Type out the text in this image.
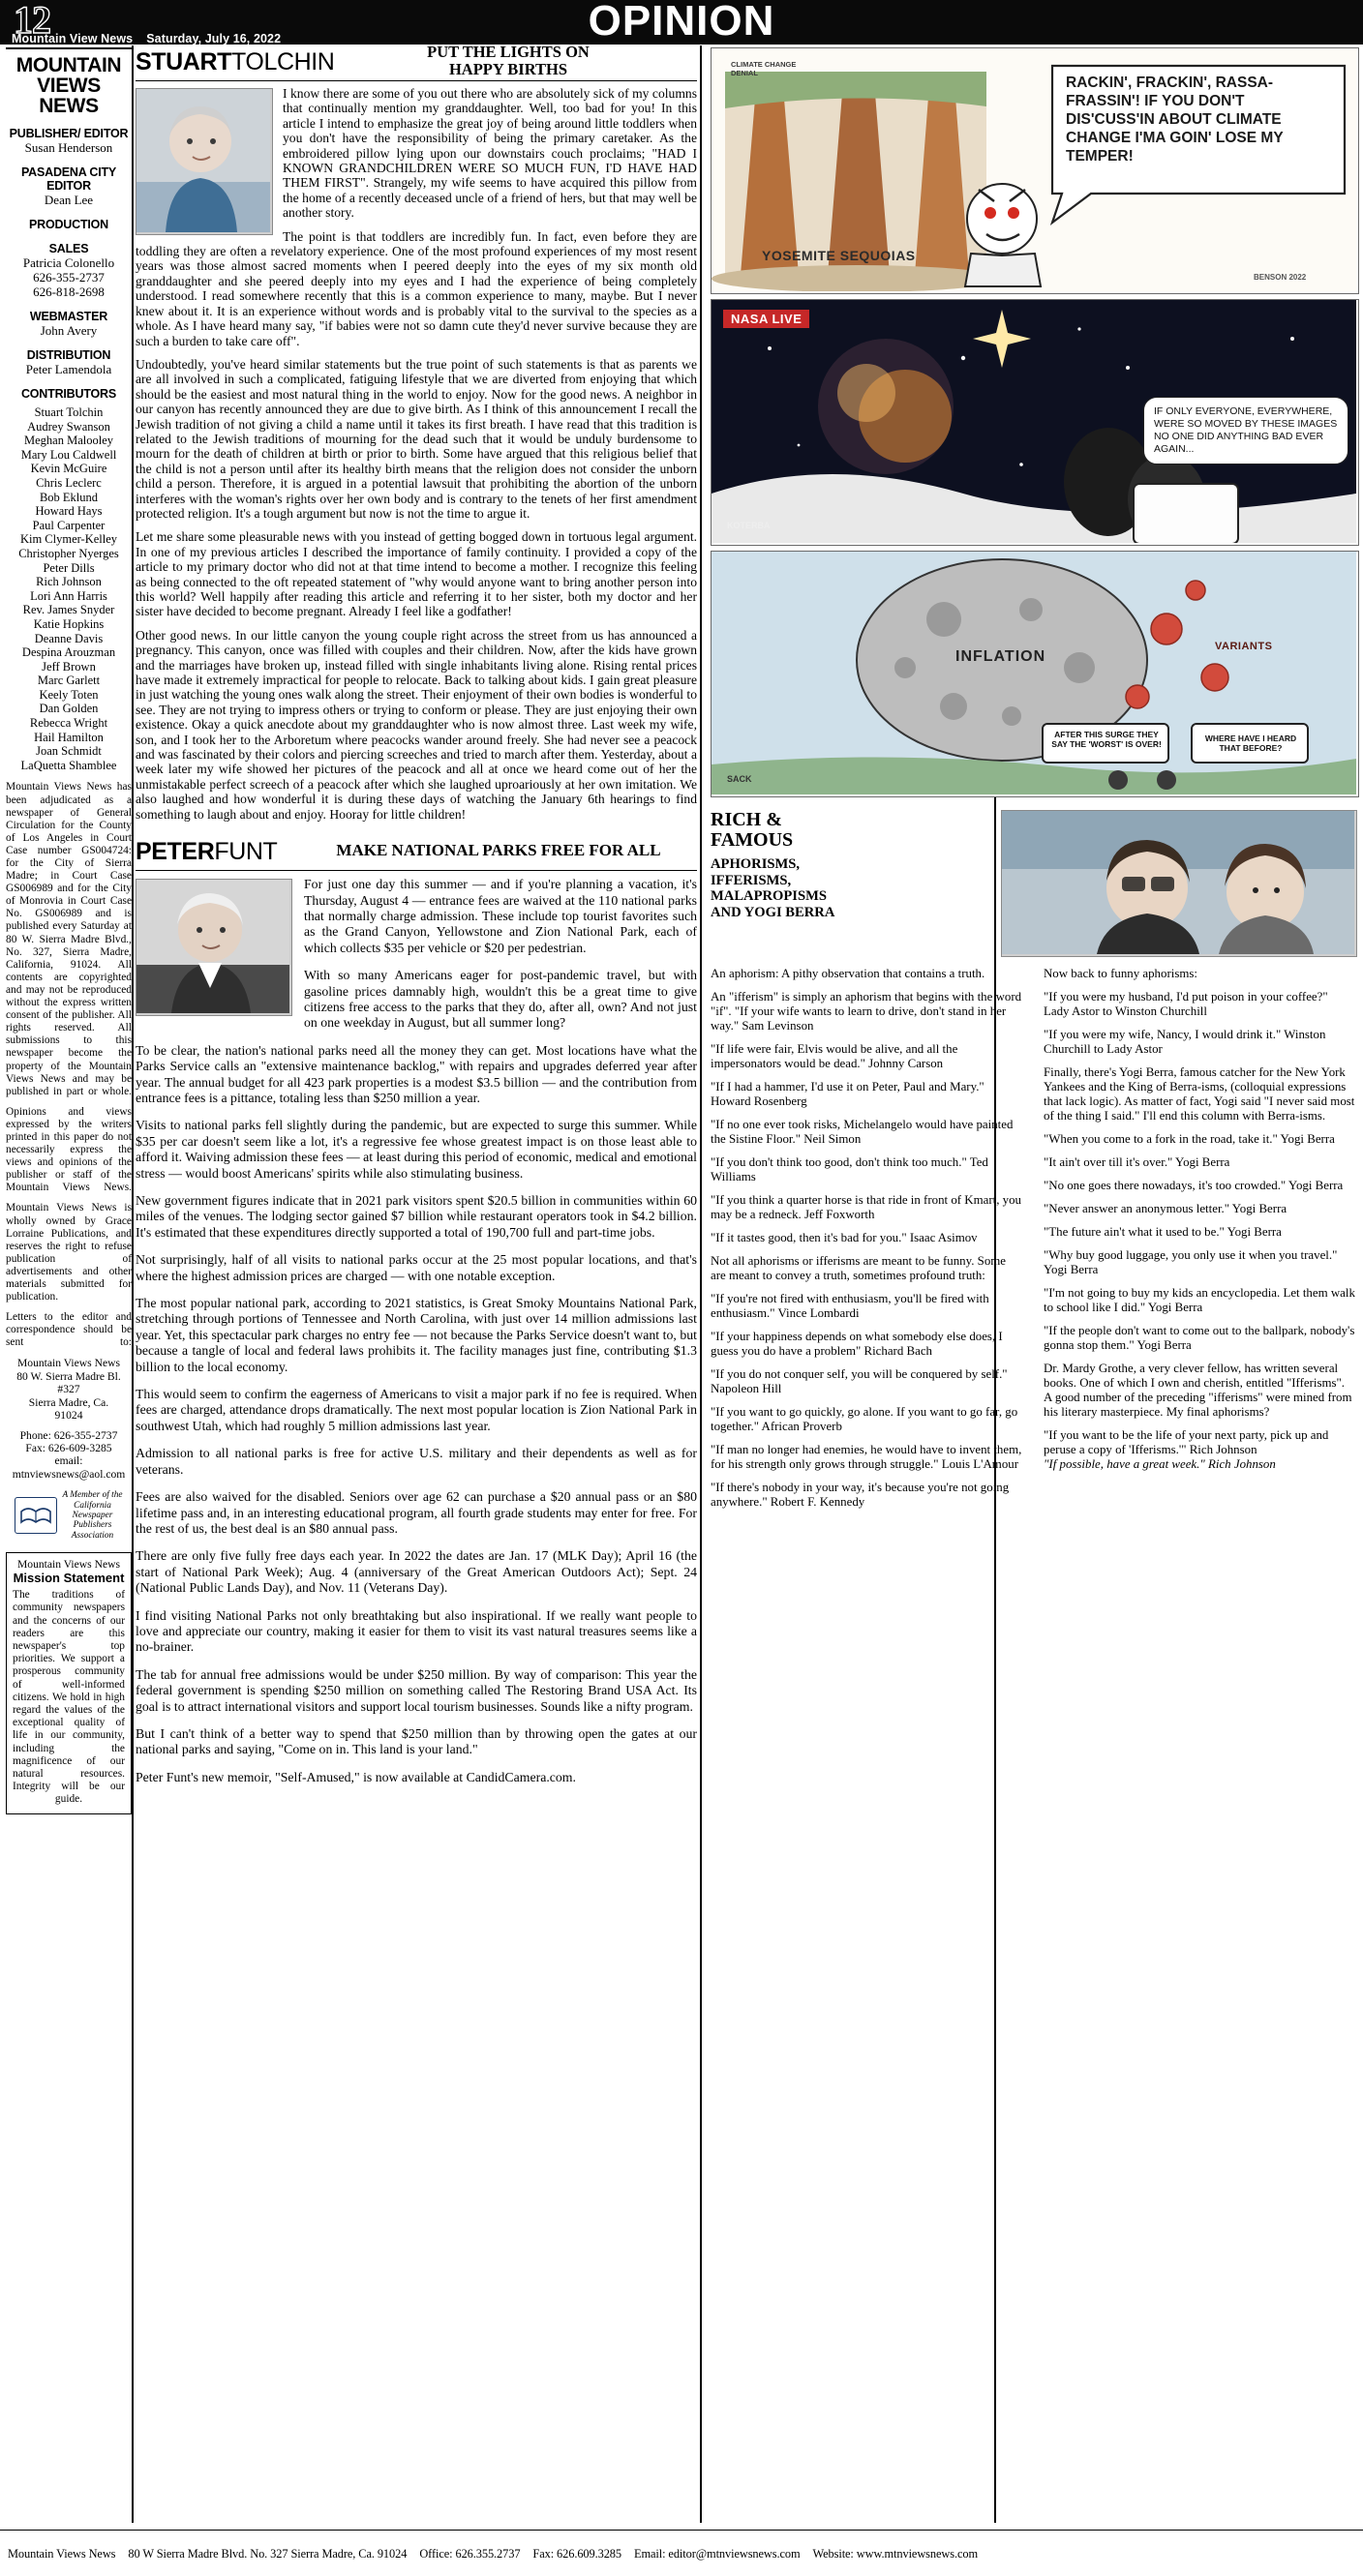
12
Mountain View News Saturday, July 16, 2022	OPINION
MOUNTAIN
VIEWS
NEWS
PUBLISHER/ EDITOR
Susan Henderson
PASADENA CITY EDITOR
Dean Lee
PRODUCTION
SALES
Patricia Colonello
626-355-2737
626-818-2698
WEBMASTER
John Avery
DISTRIBUTION
Peter Lamendola
CONTRIBUTORS
Stuart Tolchin
Audrey Swanson
Meghan Malooley
Mary Lou Caldwell
Kevin McGuire
Chris Leclerc
Bob Eklund
Howard Hays
Paul Carpenter
Kim Clymer-Kelley
Christopher Nyerges
Peter Dills
Rich Johnson
Lori Ann Harris
Rev. James Snyder
Katie Hopkins
Deanne Davis
Despina Arouzman
Jeff Brown
Marc Garlett
Keely Toten
Dan Golden
Rebecca Wright
Hail Hamilton
Joan Schmidt
LaQuetta Shamblee

Mountain Views News has been adjudicated as a newspaper of General Circulation for the County of Los Angeles in Court Case number GS004724: for the City of Sierra Madre; in Court Case GS006989 and for the City of Monrovia in Court Case No. GS006989 and is published every Saturday at 80 W. Sierra Madre Blvd., No. 327, Sierra Madre, California, 91024. All contents are copyrighted and may not be reproduced without the express written consent of the publisher. All rights reserved. All submissions to this newspaper become the property of the Mountain Views News and may be published in part or whole.

Opinions and views expressed by the writers printed in this paper do not necessarily express the views and opinions of the publisher or staff of the Mountain Views News.

Mountain Views News is wholly owned by Grace Lorraine Publications, and reserves the right to refuse publication of advertisements and other materials submitted for publication.

Letters to the editor and correspondence should be sent to:

Mountain Views News
80 W. Sierra Madre Bl.
#327
Sierra Madre, Ca.
91024
Phone: 626-355-2737
Fax: 626-609-3285
email:
mtnviewsnews@aol.com
A Member of the
California
Newspaper
Publishers
Association
Mountain Views News
Mission Statement
The traditions of community newspapers and the concerns of our readers are this newspaper's top priorities. We support a prosperous community of well-informed citizens. We hold in high regard the values of the exceptional quality of life in our community, including the magnificence of our natural resources. Integrity will be our guide.
STUARTTOLCHIN	PUT THE LIGHTS ON
HAPPY BIRTHS

I know there are some of you out there who are absolutely sick of my columns that continually mention my granddaughter. Well, too bad for you! In this article I intend to emphasize the great joy of being around little toddlers when you don't have the responsibility of being the primary caretaker. As the embroidered pillow lying upon our downstairs couch proclaims; "HAD I KNOWN GRANDCHILDREN WERE SO MUCH FUN, I'D HAVE HAD THEM FIRST". Strangely, my wife seems to have acquired this pillow from the home of a recently deceased uncle of a friend of hers, but that may well be another story.

The point is that toddlers are incredibly fun. In fact, even before they are toddling they are often a revelatory experience. One of the most profound experiences of my most resent years was those almost sacred moments when I peered deeply into the eyes of my six month old granddaughter and she peered deeply into my eyes and I had the experience of being completely understood. I read somewhere recently that this is a common experience to many, maybe. But I never knew about it. It is an experience without words and is probably vital to the survival to the species as a whole. As I have heard many say, "if babies were not so damn cute they'd never survive because they are such a burden to take care off".

Undoubtedly, you've heard similar statements but the true point of such statements is that as parents we are all involved in such a complicated, fatiguing lifestyle that we are diverted from enjoying that which should be the easiest and most natural thing in the world to enjoy. Now for the good news. A neighbor in our canyon has recently announced they are due to give birth. As I think of this announcement I recall the Jewish tradition of not giving a child a name until it takes its first breath. I have read that this tradition is related to the Jewish traditions of mourning for the dead such that it would be unduly burdensome to mourn for the death of children at birth or prior to birth. Some have argued that this religious belief that the child is not a person until after its healthy birth means that the religion does not consider the unborn child a person. Therefore, it is argued in a potential lawsuit that prohibiting the abortion of the unborn interferes with the woman's rights over her own body and is contrary to the tenets of her first amendment protected religion. It's a tough argument but now is not the time to argue it.

Let me share some pleasurable news with you instead of getting bogged down in tortuous legal argument. In one of my previous articles I described the importance of family continuity. I provided a copy of the article to my primary doctor who did not at that time intend to become a mother. I recognize this feeling as being connected to the oft repeated statement of "why would anyone want to bring another person into this world? Well happily after reading this article and referring it to her sister, both my doctor and her sister have decided to become pregnant. Already I feel like a godfather!

Other good news. In our little canyon the young couple right across the street from us has announced a pregnancy. This canyon, once was filled with couples and their children. Now, after the kids have grown and the marriages have broken up, instead filled with single inhabitants living alone. Rising rental prices have made it extremely impractical for people to relocate. Back to talking about kids. I gain great pleasure in just watching the young ones walk along the street. Their enjoyment of their own bodies is wonderful to see. They are not trying to impress others or trying to conform or please. They are just enjoying their own existence. Okay a quick anecdote about my granddaughter who is now almost three. Last week my wife, son, and I took her to the Arboretum where peacocks wander around freely. She had never see a peacock and was fascinated by their colors and piercing screeches and tried to march after them. Yesterday, about a week later my wife showed her pictures of the peacock and all at once we heard come out of her the unmistakable perfect screech of a peacock after which she laughed uproariously at her own imitation. We also laughed and how wonderful it is during these days of watching the January 6th hearings to find something to laugh about and enjoy. Hooray for little children!

PETERFUNT	MAKE NATIONAL PARKS FREE FOR ALL

For just one day this summer — and if you're planning a vacation, it's Thursday, August 4 — entrance fees are waived at the 110 national parks that normally charge admission. These include top tourist favorites such as the Grand Canyon, Yellowstone and Zion National Park, each of which collects $35 per vehicle or $20 per pedestrian.

With so many Americans eager for post-pandemic travel, but with gasoline prices damnably high, wouldn't this be a great time to give citizens free access to the parks that they do, after all, own? And not just on one weekday in August, but all summer long?

To be clear, the nation's national parks need all the money they can get. Most locations have what the Parks Service calls an "extensive maintenance backlog," with repairs and upgrades deferred year after year. The annual budget for all 423 park properties is a modest $3.5 billion — and the contribution from entrance fees is a pittance, totaling less than $250 million a year.

Visits to national parks fell slightly during the pandemic, but are expected to surge this summer. While $35 per car doesn't seem like a lot, it's a regressive fee whose greatest impact is on those least able to afford it. Waiving admission these fees — at least during this period of economic, medical and emotional stress — would boost Americans' spirits while also stimulating business.

New government figures indicate that in 2021 park visitors spent $20.5 billion in communities within 60 miles of the venues. The lodging sector gained $7 billion while restaurant operators took in $4.2 billion. It's estimated that these expenditures directly supported a total of 190,700 full and part-time jobs.

Not surprisingly, half of all visits to national parks occur at the 25 most popular locations, and that's where the highest admission prices are charged — with one notable exception.

The most popular national park, according to 2021 statistics, is Great Smoky Mountains National Park, stretching through portions of Tennessee and North Carolina, with just over 14 million admissions last year. Yet, this spectacular park charges no entry fee — not because the Parks Service doesn't want to, but because a tangle of local and federal laws prohibits it. The facility manages just fine, contributing $1.3 billion to the local economy.

This would seem to confirm the eagerness of Americans to visit a major park if no fee is required. When fees are charged, attendance drops dramatically. The next most popular location is Zion National Park in southwest Utah, which had roughly 5 million admissions last year.

Admission to all national parks is free for active U.S. military and their dependents as well as for veterans.

Fees are also waived for the disabled. Seniors over age 62 can purchase a $20 annual pass or an $80 lifetime pass and, in an interesting educational program, all fourth grade students may enter for free. For the rest of us, the best deal is an $80 annual pass.

There are only five fully free days each year. In 2022 the dates are Jan. 17 (MLK Day); April 16 (the start of National Park Week); Aug. 4 (anniversary of the Great American Outdoors Act); Sept. 24 (National Public Lands Day), and Nov. 11 (Veterans Day).

I find visiting National Parks not only breathtaking but also inspirational. If we really want people to love and appreciate our country, making it easier for them to visit its vast natural treasures seems like a no-brainer.

The tab for annual free admissions would be under $250 million. By way of comparison: This year the federal government is spending $250 million on something called The Restoring Brand USA Act. Its goal is to attract international visitors and support local tourism businesses. Sounds like a nifty program.

But I can't think of a better way to spend that $250 million than by throwing open the gates at our national parks and saying, "Come on in. This land is your land."

Peter Funt's new memoir, "Self-Amused," is now available at CandidCamera.com.

YOSEMITE SEQUOIAS
CLIMATE CHANGE DENIAL
RACKIN', FRACKIN', RASSA-FRASSIN'! IF YOU DON'T DIS'CUSS'IN ABOUT CLIMATE CHANGE I'MA GOIN' LOSE MY TEMPER!
BENSON 2022
NASA LIVE
IF ONLY EVERYONE, EVERYWHERE, WERE SO MOVED BY THESE IMAGES NO ONE DID ANYTHING BAD EVER AGAIN...
KOTERBA
INFLATION
VARIANTS
AFTER THIS SURGE THEY SAY THE 'WORST' IS OVER!
WHERE HAVE I HEARD THAT BEFORE?
SACK
RICH &
FAMOUS
APHORISMS,
IFFERISMS,
MALAPROPISMS
AND YOGI BERRA

An aphorism: A pithy observation that contains a truth.

An "ifferism" is simply an aphorism that begins with the word "if". "If your wife wants to learn to drive, don't stand in her way." Sam Levinson

"If life were fair, Elvis would be alive, and all the impersonators would be dead." Johnny Carson

"If I had a hammer, I'd use it on Peter, Paul and Mary." Howard Rosenberg

"If no one ever took risks, Michelangelo would have painted the Sistine Floor." Neil Simon

"If you don't think too good, don't think too much." Ted Williams

"If you think a quarter horse is that ride in front of Kmart, you may be a redneck. Jeff Foxworth

"If it tastes good, then it's bad for you." Isaac Asimov

Not all aphorisms or ifferisms are meant to be funny. Some are meant to convey a truth, sometimes profound truth:

"If you're not fired with enthusiasm, you'll be fired with enthusiasm." Vince Lombardi

"If your happiness depends on what somebody else does, I guess you do have a problem" Richard Bach

"If you do not conquer self, you will be conquered by self." Napoleon Hill

"If you want to go quickly, go alone. If you want to go far, go together." African Proverb

"If man no longer had enemies, he would have to invent them, for his strength only grows through struggle." Louis L'Amour

"If there's nobody in your way, it's because you're not going anywhere." Robert F. Kennedy

Now back to funny aphorisms:

"If you were my husband, I'd put poison in your coffee?" Lady Astor to Winston Churchill

"If you were my wife, Nancy, I would drink it." Winston Churchill to Lady Astor

Finally, there's Yogi Berra, famous catcher for the New York Yankees and the King of Berra-isms, (colloquial expressions that lack logic). As matter of fact, Yogi said "I never said most of the thing I said." I'll end this column with Berra-isms.

"When you come to a fork in the road, take it." Yogi Berra

"It ain't over till it's over." Yogi Berra

"No one goes there nowadays, it's too crowded." Yogi Berra

"Never answer an anonymous letter." Yogi Berra

"The future ain't what it used to be." Yogi Berra

"Why buy good luggage, you only use it when you travel." Yogi Berra

"I'm not going to buy my kids an encyclopedia. Let them walk to school like I did." Yogi Berra

"If the people don't want to come out to the ballpark, nobody's gonna stop them." Yogi Berra

Dr. Mardy Grothe, a very clever fellow, has written several books. One of which I own and cherish, entitled "Ifferisms". A good number of the preceding "ifferisms" were mined from his literary masterpiece. My final aphorisms?

"If you want to be the life of your next party, pick up and peruse a copy of 'Ifferisms.'" Rich Johnson

"If possible, have a great week." Rich Johnson

Mountain Views News 80 W Sierra Madre Blvd. No. 327 Sierra Madre, Ca. 91024 Office: 626.355.2737 Fax: 626.609.3285 Email: editor@mtnviewsnews.com Website: www.mtnviewsnews.com
